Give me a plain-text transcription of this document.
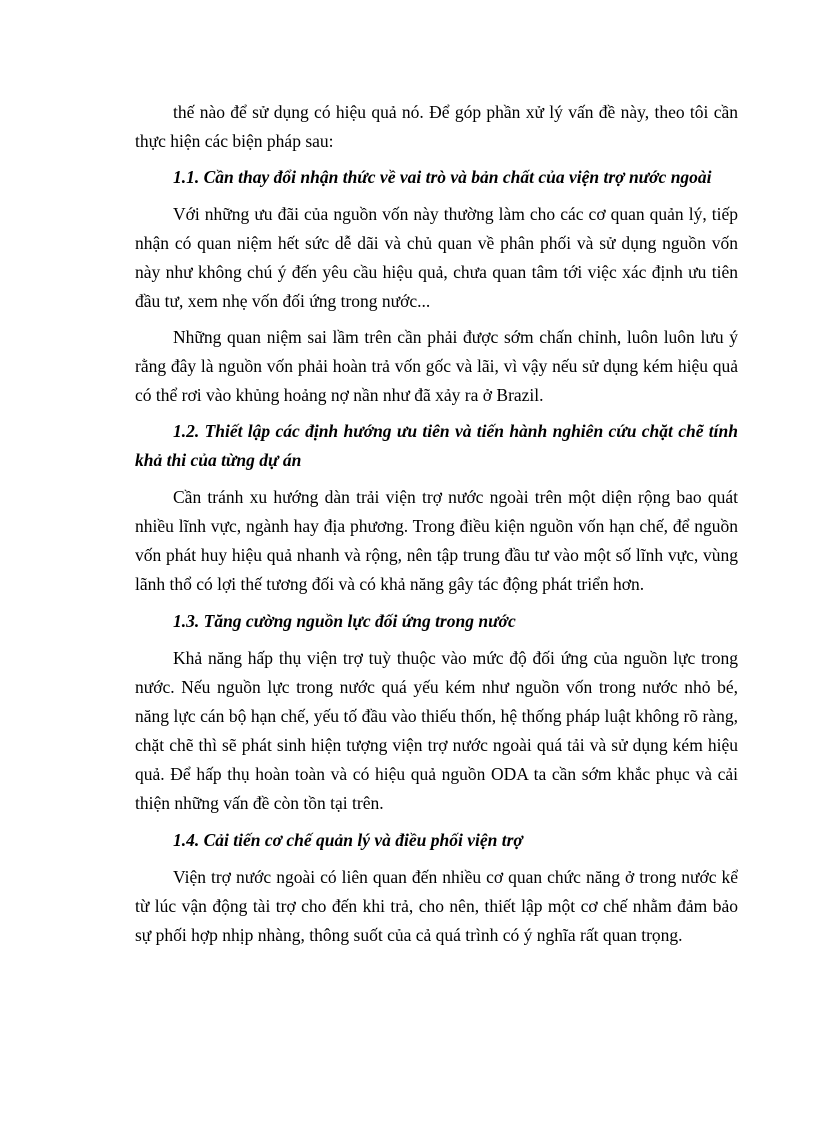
thế nào để sử dụng có hiệu quả nó. Để góp phần xử lý vấn đề này, theo tôi cần thực hiện các biện pháp sau:

1.1. Cần thay đổi nhận thức về vai trò và bản chất của viện trợ nước ngoài

Với những ưu đãi của nguồn vốn này thường làm cho các cơ quan quản lý, tiếp nhận có quan niệm hết sức dễ dãi và chủ quan về phân phối và sử dụng nguồn vốn này như không chú ý đến yêu cầu hiệu quả, chưa quan tâm tới việc xác định ưu tiên đầu tư, xem nhẹ vốn đối ứng trong nước...

Những quan niệm sai lầm trên cần phải được sớm chấn chỉnh, luôn luôn lưu ý rằng đây là nguồn vốn phải hoàn trả vốn gốc và lãi, vì vậy nếu sử dụng kém hiệu quả có thể rơi vào khủng hoảng nợ nần như đã xảy ra ở Brazil.

1.2. Thiết lập các định hướng ưu tiên và tiến hành nghiên cứu chặt chẽ tính khả thi của từng dự án

Cần tránh xu hướng dàn trải viện trợ nước ngoài trên một diện rộng bao quát nhiều lĩnh vực, ngành hay địa phương. Trong điều kiện nguồn vốn hạn chế, để nguồn vốn phát huy hiệu quả nhanh và rộng, nên tập trung đầu tư vào một số lĩnh vực, vùng lãnh thổ có lợi thế tương đối và có khả năng gây tác động phát triển hơn.

1.3. Tăng cường nguồn lực đối ứng trong nước

Khả năng hấp thụ viện trợ tuỳ thuộc vào mức độ đối ứng của nguồn lực trong nước. Nếu nguồn lực trong nước quá yếu kém như nguồn vốn trong nước nhỏ bé, năng lực cán bộ hạn chế, yếu tố đầu vào thiếu thốn, hệ thống pháp luật không rõ ràng, chặt chẽ thì sẽ phát sinh hiện tượng viện trợ nước ngoài quá tải và sử dụng kém hiệu quả. Để hấp thụ hoàn toàn và có hiệu quả nguồn ODA ta cần sớm khắc phục và cải thiện những vấn đề còn tồn tại trên.

1.4. Cải tiến cơ chế quản lý và điều phối viện trợ

Viện trợ nước ngoài có liên quan đến nhiều cơ quan chức năng ở trong nước kể từ lúc vận động tài trợ cho đến khi trả, cho nên, thiết lập một cơ chế nhằm đảm bảo sự phối hợp nhịp nhàng, thông suốt của cả quá trình có ý nghĩa rất quan trọng.
